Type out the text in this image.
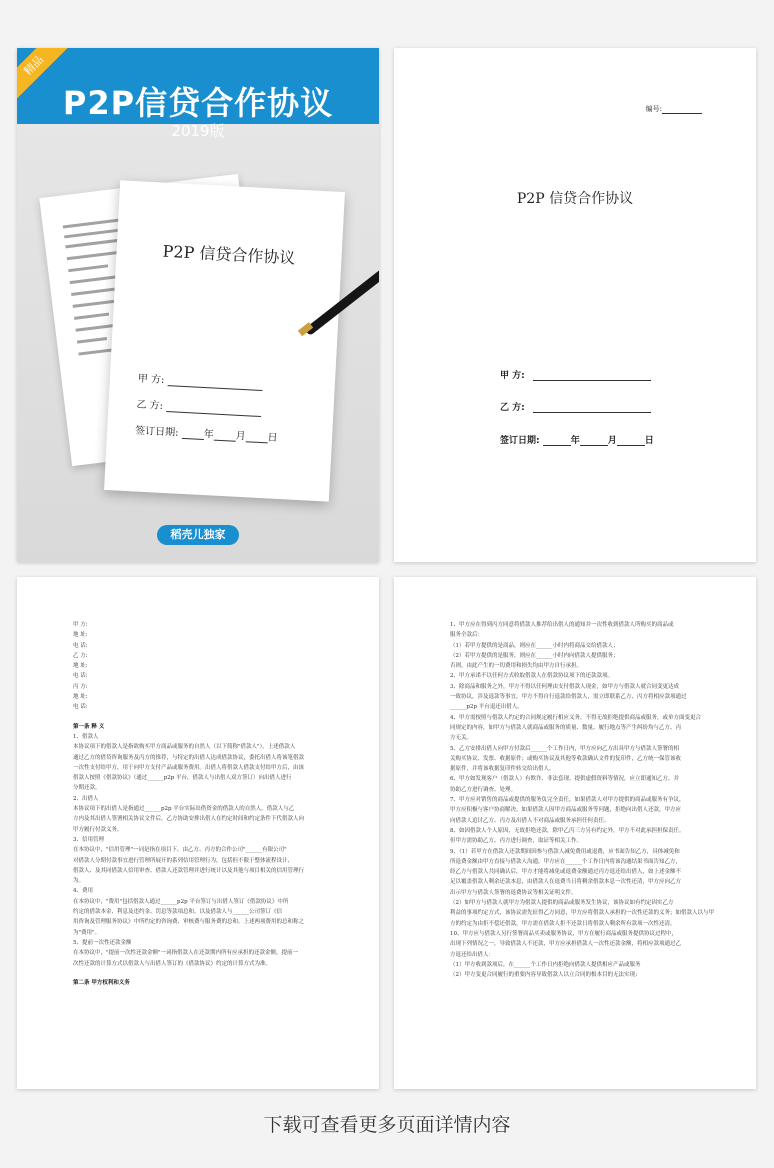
精品
P2P信贷合作协议
2019版
P2P 信贷合作协议
甲 方:
乙 方:
签订日期: 年 月 日
稻壳儿独家
编号:
P2P 信贷合作协议
甲 方:
乙 方:
签订日期:	年	月	日

甲 方:

地 址:

电 话:

乙 方:

地 址:

电 话:

丙 方:

地 址:

电 话:

第一条 释 义

1、借款人

本协议项下的借款人是指欲购买甲方商品或服务的自然人（以下简称"借款人"）。上述借款人

通过乙方的借贷咨询服务及丙方的推荐，与特定的出借人达成借款协议，委托出借人将该笔借款

一次性支付给甲方，用于向甲方支付产品或服务费用。出借人将借款人借款支付给甲方后，由该

借款人按照《借款协议》（通过______p2p 平台，借款人与出借人双方签订）向出借人进行

分期还款。

2、出借人

本协议项下的出借人是指通过______p2p 平台实际出借资金的借款人的自然人。借款人与乙

方内及其出借人签署相关协议文件后，乙方协助安排出借人在约定时间和约定条件下代借款人向

甲方履行付款义务。

3、信用管理

在本协议中，"信用管理"一词是指在项目下，由乙方、丙方的合作公司"______有限公司"

对借款人分期付款事宜进行管理所展开的系列信用管理行为，包括但不限于整体流程设计、

借款人、及其同借款人信用审查、借款人还款管理并进行统计以及其他与项目相关的信用管理行

为。

4、费用

在本协议中，"费用"包括借款人通过______p2p 平台签订与出借人签订《借款协议》中所

约定的借款本金、利息及违约金、罚息等款项总和。以及借款人与______公司签订《信

用咨询及管理服务协议》中所约定的咨询费、审核费与服务费的总和。上述两项费用的总和称之

为"费用"。

5、提前一次性还款金额

在本协议中，"提前一次性还款金额"一词指借款人在还款期内所有应承担的还款金额，提前一

次性还款的计算方式以借款人与出借人签订的《借款协议》约定的计算方式为准。

第二条 甲方权利和义务

1、甲方应在得到丙方同意将借款人推荐给出借人的通知并一次性收到借款人所购买的商品或

服务全款后：

（1）若甲方提供的是商品，则应在______小时内将商品交给借款人；

（2）若甲方提供的是服务，则应在______小时内向借款人提供服务；

否则，由此产生的一切费用和损失均由甲方自行承担。

2、甲方承诺不以任何方式收取借款人在借款协议项下的还款款项。

3、除商品和服务之外，甲方不得以任何理由支付借款人现金，如甲方与借款人就合同变更达成

一致协议，涉及退款等事宜，甲方不得自行退款给借款人，需立即联系乙方、丙方将相应款项通过

______p2p 平台退还出借人。

4、甲方需按照与借款人约定的合同规定履行相应义务，不得无故拒绝提供商品或服务，或单方面变更合

同规定的内容，如甲方与借款人就商品或服务的质量、数量、履行地点等产生纠纷均与乙方、丙

方无关。

5、乙方安排出借人向甲方付款后______个工作日内，甲方应向乙方出具甲方与借款人签署的相

关购买协议、发票、收据原件；或购买协议及其他等收款确认文件的复印件，乙方统一保管该收

据原件，并将该收据复印件转交给出借人。

6、甲方如发现客户（借款人）有欺诈、非法套现、提供虚假资料等情况，应立即通知乙方，并

协助乙方进行调查、处理。

7、甲方应对销售的商品或提供的服务负完全责任，如果借款人对甲方提供的商品或服务有争议，

甲方应积极与客户协商解决。如果借款人因甲方商品或服务等问题，拒绝向出借人还款，甲方应

向借款人追讨乙方、丙方及出借人不对商品或服务承担任何责任。

8、如因借款人个人原因，无故拒绝还款，除甲乙丙三方另有约定外，甲方不对此承担担保责任。

但甲方需协助乙方、丙方进行调查，取证等相关工作。

9、（1）若甲方在借款人还款期间因参与借款人减免费用或退费，应书面告知乙方，具体减免和

所退费金额由甲方直接与借款人沟通，甲方应在______个工作日内将该沟通结果书面告知乙方，

经乙方与借款人共同确认后，甲方才能将减免或退费金额通过丙方退还给出借人，如上述金额不

足以覆盖借款人剩余还款本息，由借款人在退费当日将剩余借款本息一次性还清，甲方应向乙方

出示甲方与借款人签署的退费协议等相关证明文件。

（2）如甲方与借款人就甲方为借款人提供的商品或服务发生协议，该协议如有约定因实乙方

利益的事项约定方式，该协议需先征得乙方同意，甲方应将借款人承担的一次性还款的义务；如借款人以与甲

方的约定为由拒不偿还借款，甲方需在借款人拒不还款日将借款人剩余所有款项一次性还清。

10、甲方应与借款人另行签署商品买卖或服务协议，甲方在履行商品或服务提供协议过程中，

出现下列情况之一，导致借款人不还款，甲方应承担借款人一次性还款金额，将相应款项通过乙

方退还给出借人：

（1）甲方收到款项后，在______个工作日内拒绝向借款人提供相应产品或服务

（2）甲方变更合同履行的重要内容导致借款人以立合同的根本目的无法实现；

下载可查看更多页面详情内容
